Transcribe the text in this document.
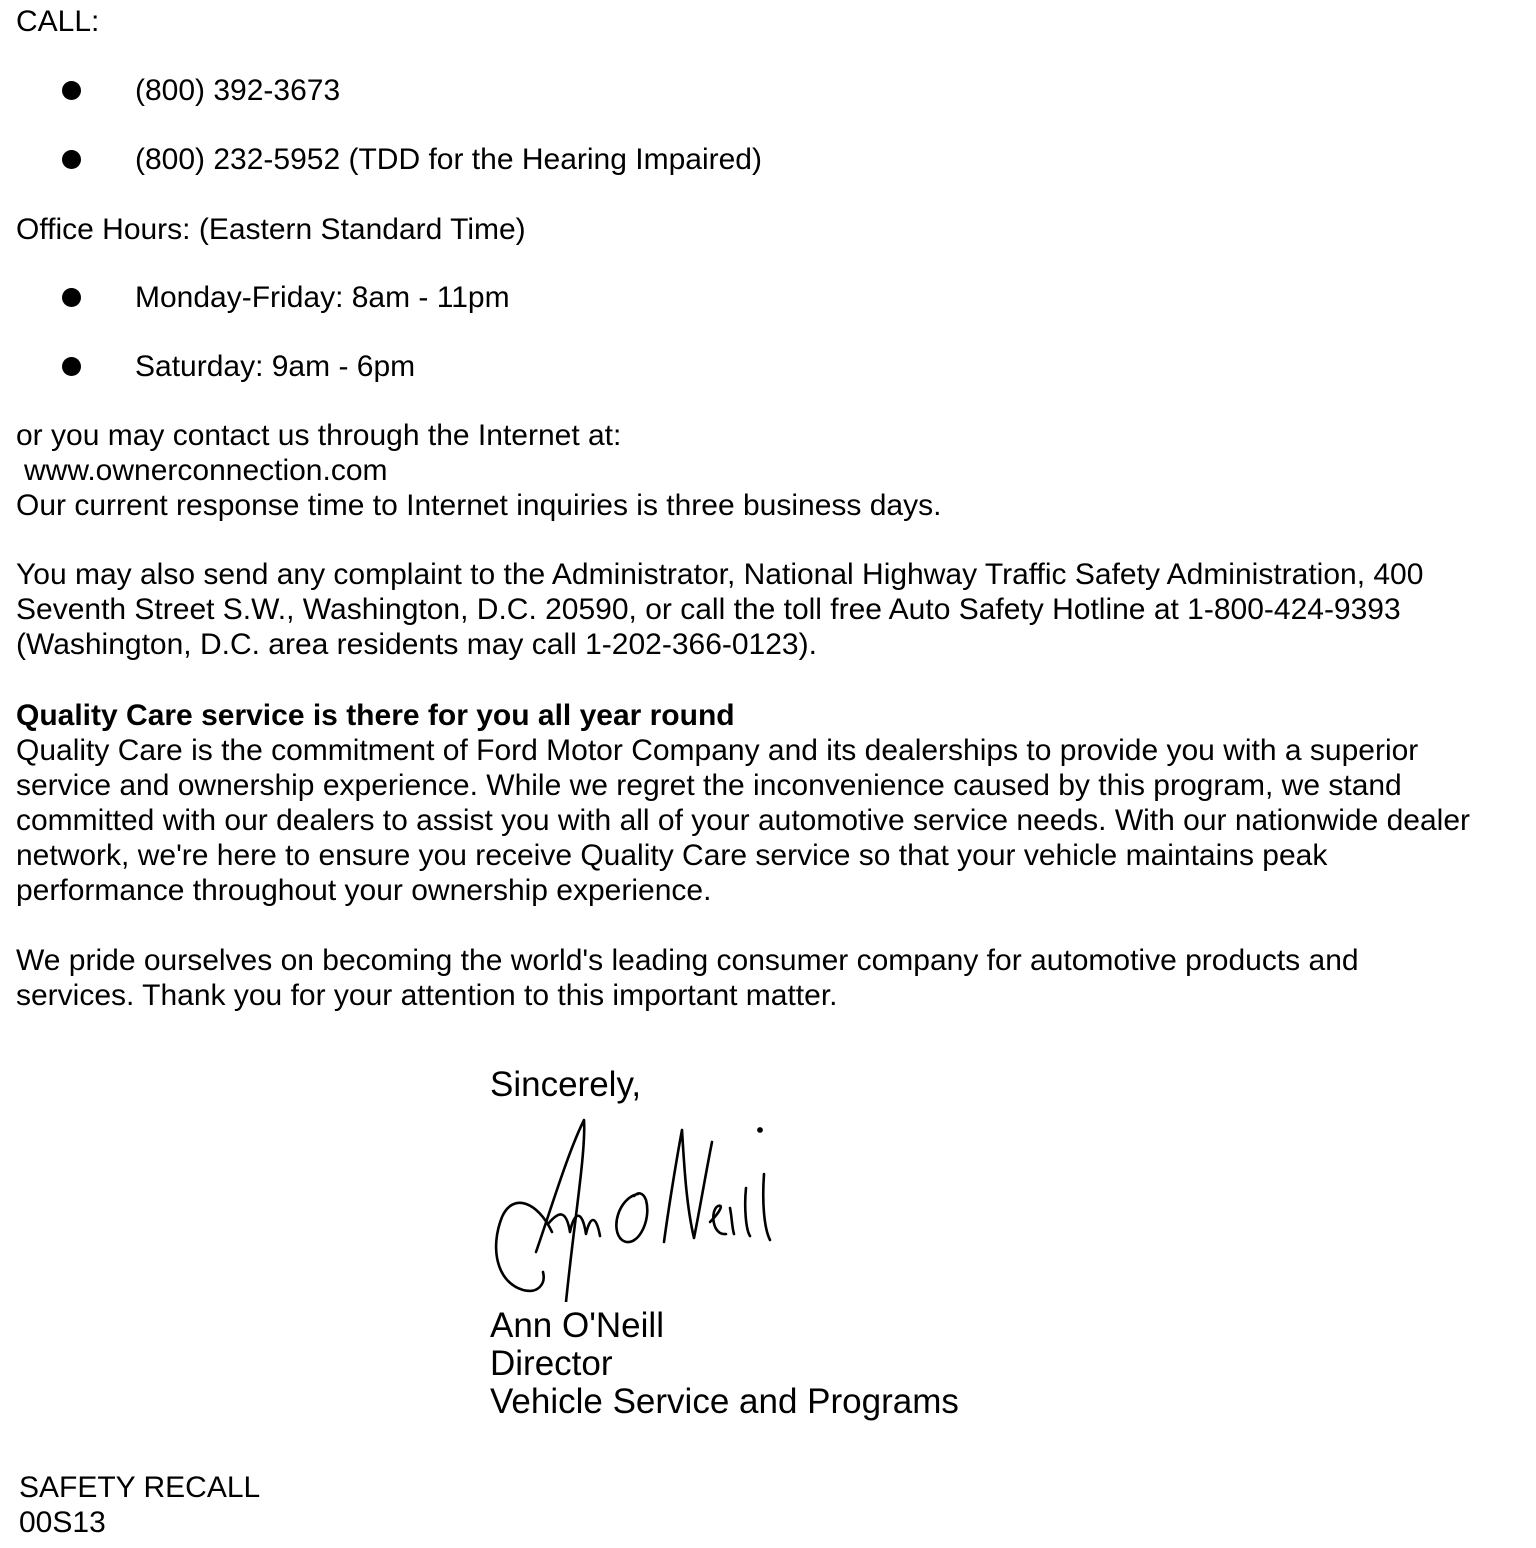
CALL:

(800) 392-3673

(800) 232-5952 (TDD for the Hearing Impaired)

Office Hours: (Eastern Standard Time)

Monday-Friday: 8am - 11pm

Saturday: 9am - 6pm

or you may contact us through the Internet at:

www.ownerconnection.com

Our current response time to Internet inquiries is three business days.

You may also send any complaint to the Administrator, National Highway Traffic Safety Administration, 400

Seventh Street S.W., Washington, D.C. 20590, or call the toll free Auto Safety Hotline at 1-800-424-9393

(Washington, D.C. area residents may call 1-202-366-0123).

Quality Care service is there for you all year round

Quality Care is the commitment of Ford Motor Company and its dealerships to provide you with a superior

service and ownership experience. While we regret the inconvenience caused by this program, we stand

committed with our dealers to assist you with all of your automotive service needs. With our nationwide dealer

network, we're here to ensure you receive Quality Care service so that your vehicle maintains peak

performance throughout your ownership experience.

We pride ourselves on becoming the world's leading consumer company for automotive products and

services. Thank you for your attention to this important matter.

Sincerely,

Ann O'Neill

Director

Vehicle Service and Programs

SAFETY RECALL

00S13
